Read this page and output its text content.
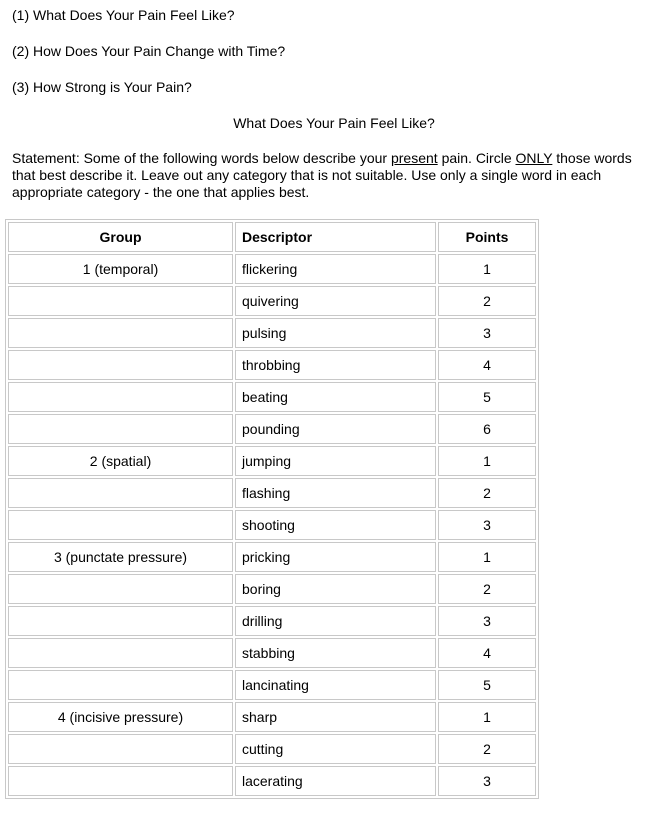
(1) What Does Your Pain Feel Like?

(2) How Does Your Pain Change with Time?

(3) How Strong is Your Pain?

What Does Your Pain Feel Like?
Statement: Some of the following words below describe your present pain. Circle ONLY those words that best describe it. Leave out any category that is not suitable. Use only a single word in each appropriate category - the one that applies best.
Group	Descriptor	Points
1 (temporal)	flickering	1
	quivering	2
	pulsing	3
	throbbing	4
	beating	5
	pounding	6
2 (spatial)	jumping	1
	flashing	2
	shooting	3
3 (punctate pressure)	pricking	1
	boring	2
	drilling	3
	stabbing	4
	lancinating	5
4 (incisive pressure)	sharp	1
	cutting	2
	lacerating	3
